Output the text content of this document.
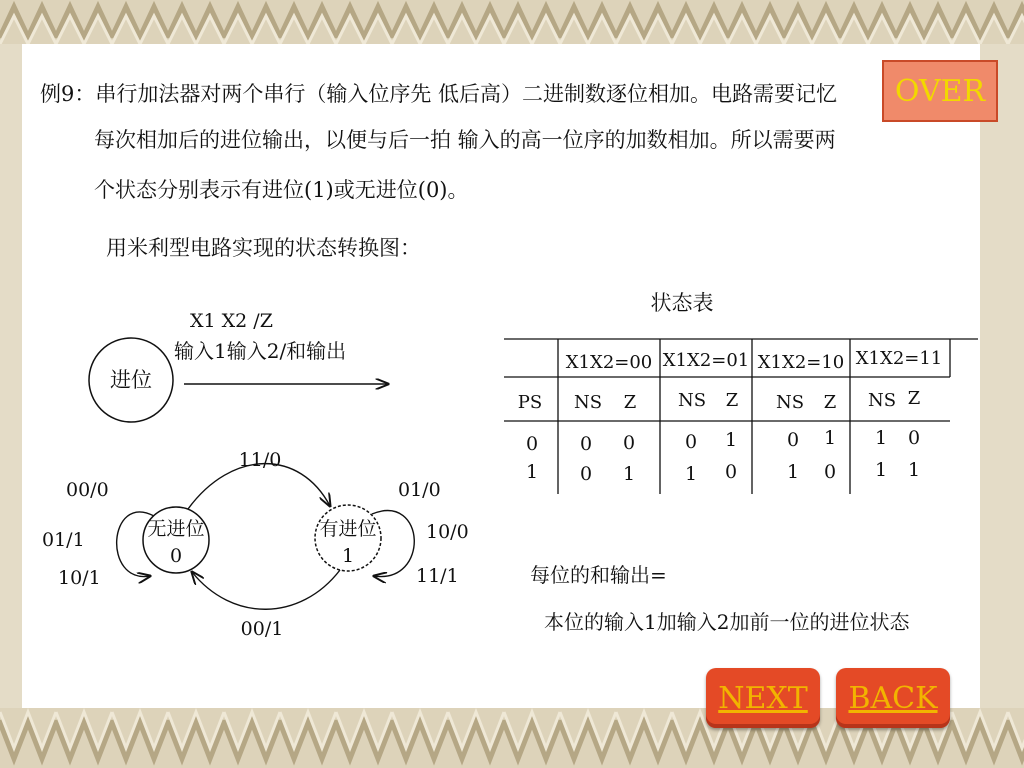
例9：串行加法器对两个串行（输入位序先 低后高）二进制数逐位相加。电路需要记忆
每次相加后的进位输出，以便与后一拍 输入的高一位序的加数相加。所以需要两
个状态分别表示有进位(1)或无进位(0)。
用米利型电路实现的状态转换图：
X1 X2 /Z
输入1输入2/和输出
进位
无进位
0
有进位
1
11/0
00/1
00/0
01/1
10/1
01/0
10/0
11/1
状态表
X1X2=00 X1X2=01 X1X2=10 X1X2=11
PS NS Z NS Z NS Z NS Z
0 0 0	0 1	0 1 1 0
1 0 1	1 0	1 0 1 1
每位的和输出=
本位的输入1加输入2加前一位的进位状态
OVER
NEXT	BACK
